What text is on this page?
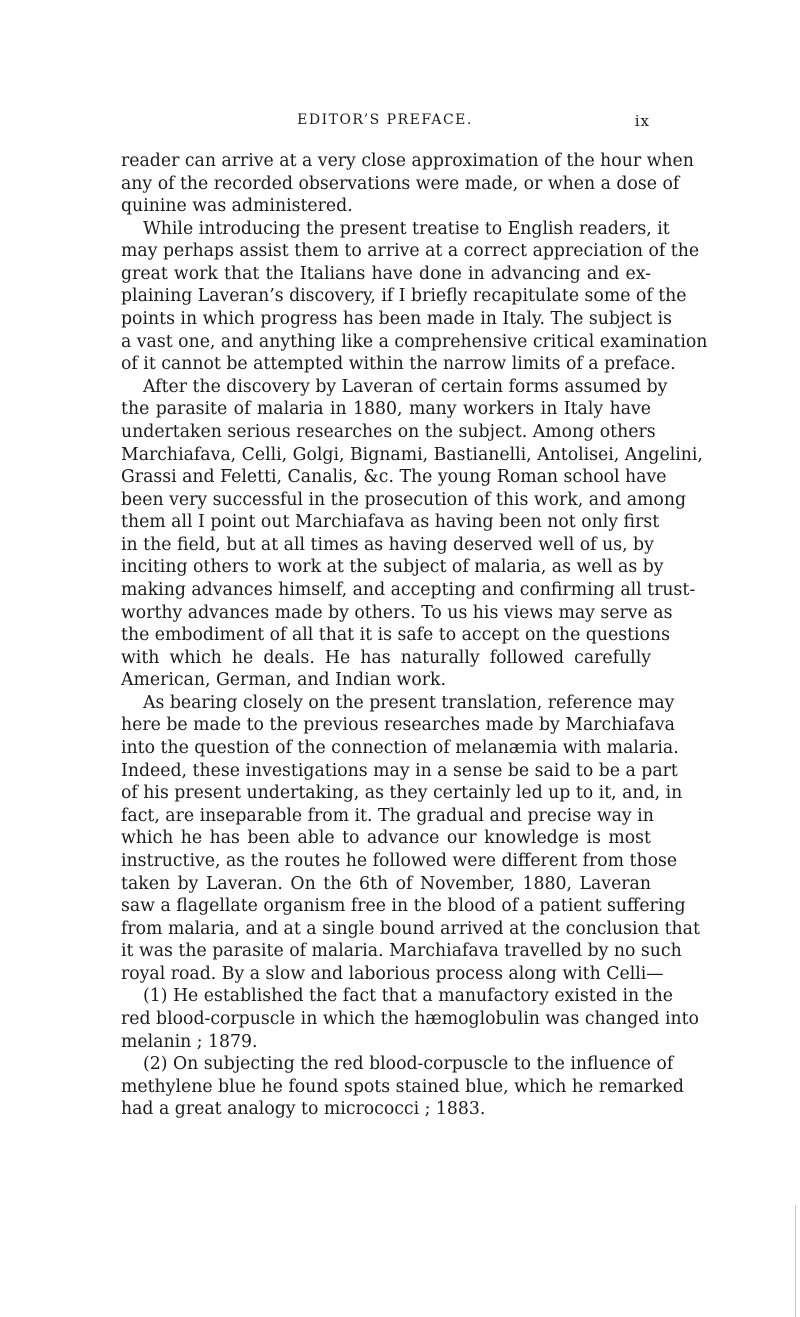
EDITOR’S PREFACE.	ix
reader can arrive at a very close approximation of the hour when
any of the recorded observations were made, or when a dose of
quinine was administered.
While introducing the present treatise to English readers, it
may perhaps assist them to arrive at a correct appreciation of the
great work that the Italians have done in advancing and ex-
plaining Laveran’s discovery, if I briefly recapitulate some of the
points in which progress has been made in Italy. The subject is
a vast one, and anything like a comprehensive critical examination
of it cannot be attempted within the narrow limits of a preface.
After the discovery by Laveran of certain forms assumed by
the parasite of malaria in 1880, many workers in Italy have
undertaken serious researches on the subject. Among others
Marchiafava, Celli, Golgi, Bignami, Bastianelli, Antolisei, Angelini,
Grassi and Feletti, Canalis, &c. The young Roman school have
been very successful in the prosecution of this work, and among
them all I point out Marchiafava as having been not only first
in the field, but at all times as having deserved well of us, by
inciting others to work at the subject of malaria, as well as by
making advances himself, and accepting and confirming all trust-
worthy advances made by others. To us his views may serve as
the embodiment of all that it is safe to accept on the questions
with which he deals. He has naturally followed carefully
American, German, and Indian work.
As bearing closely on the present translation, reference may
here be made to the previous researches made by Marchiafava
into the question of the connection of melanæmia with malaria.
Indeed, these investigations may in a sense be said to be a part
of his present undertaking, as they certainly led up to it, and, in
fact, are inseparable from it. The gradual and precise way in
which he has been able to advance our knowledge is most
instructive, as the routes he followed were different from those
taken by Laveran. On the 6th of November, 1880, Laveran
saw a flagellate organism free in the blood of a patient suffering
from malaria, and at a single bound arrived at the conclusion that
it was the parasite of malaria. Marchiafava travelled by no such
royal road. By a slow and laborious process along with Celli—
(1) He established the fact that a manufactory existed in the
red blood-corpuscle in which the hæmoglobulin was changed into
melanin ; 1879.
(2) On subjecting the red blood-corpuscle to the influence of
methylene blue he found spots stained blue, which he remarked
had a great analogy to micrococci ; 1883.
